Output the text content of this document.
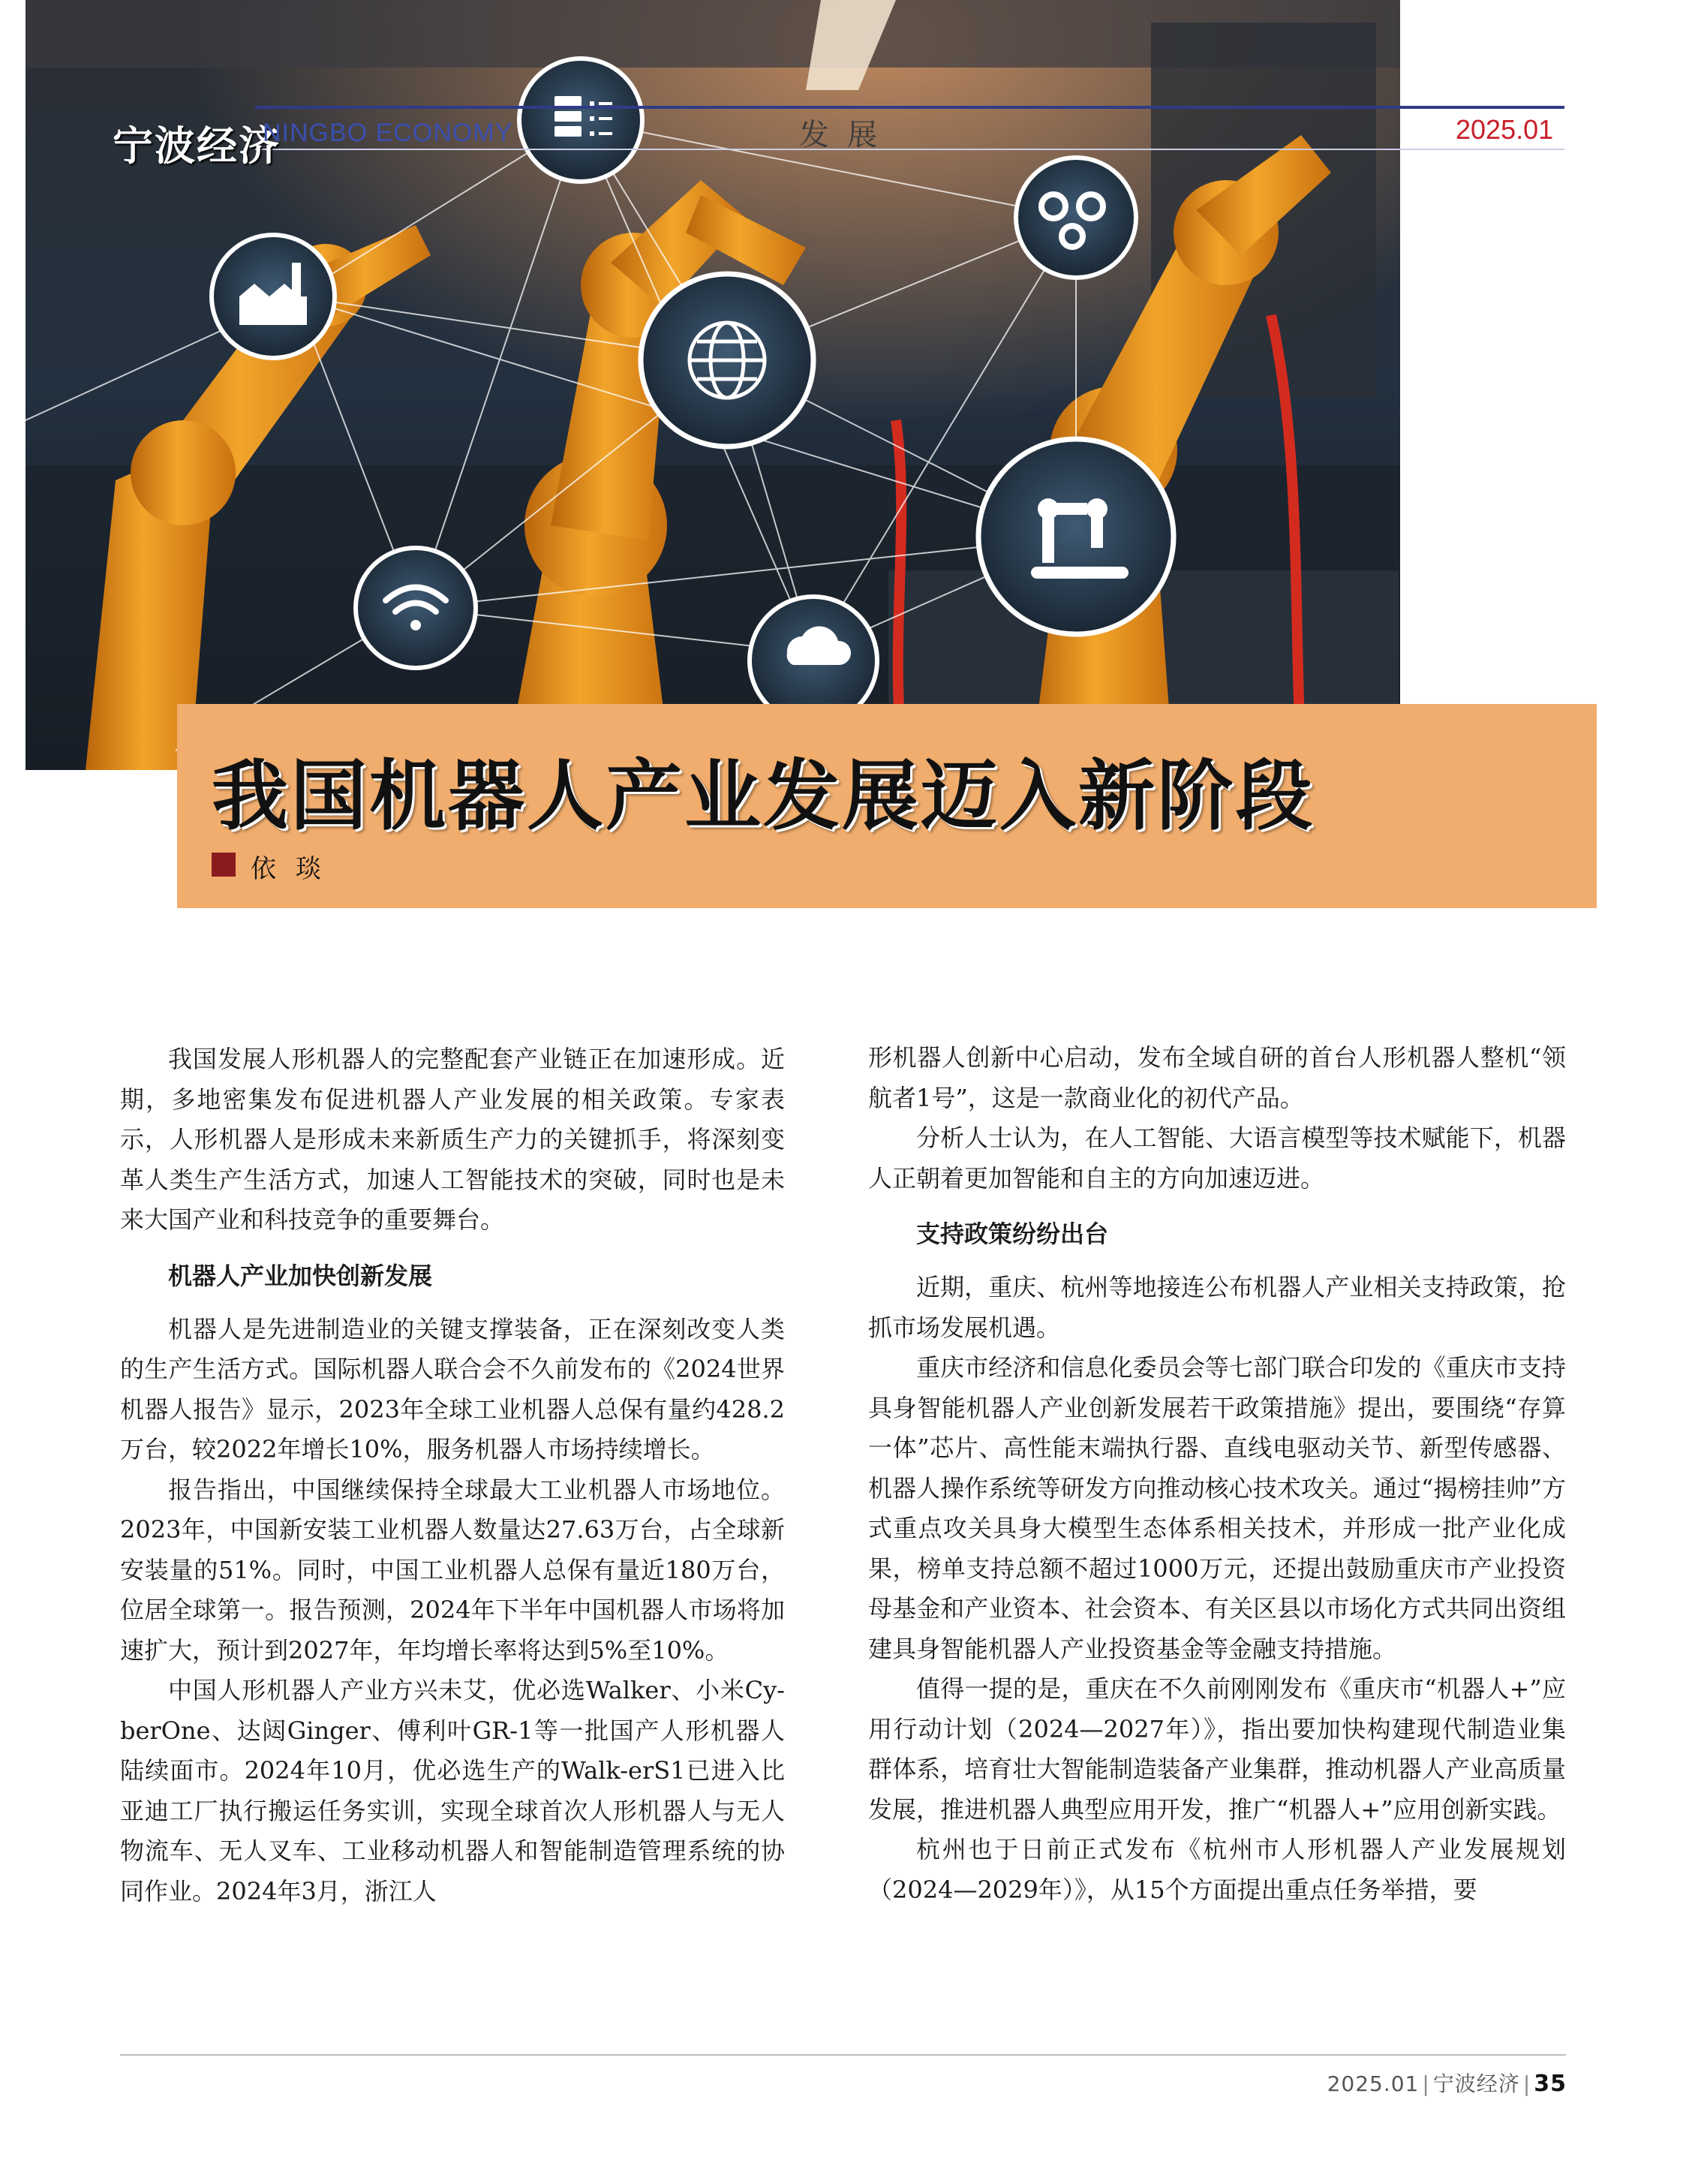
宁波经济
NINGBO ECONOMY	发展	2025.01
我国机器人产业发展迈入新阶段
依琰

我国发展人形机器人的完整配套产业链正在加速形成。近期，多地密集发布促进机器人产业发展的相关政策。专家表示，人形机器人是形成未来新质生产力的关键抓手，将深刻变革人类生产生活方式，加速人工智能技术的突破，同时也是未来大国产业和科技竞争的重要舞台。

机器人产业加快创新发展

机器人是先进制造业的关键支撑装备，正在深刻改变人类的生产生活方式。国际机器人联合会不久前发布的《2024世界机器人报告》显示，2023年全球工业机器人总保有量约428.2万台，较2022年增长10%，服务机器人市场持续增长。

报告指出，中国继续保持全球最大工业机器人市场地位。2023年，中国新安装工业机器人数量达27.63万台，占全球新安装量的51%。同时，中国工业机器人总保有量近180万台，位居全球第一。报告预测，2024年下半年中国机器人市场将加速扩大，预计到2027年，年均增长率将达到5%至10%。

中国人形机器人产业方兴未艾，优必选Walker、小米Cy-berOne、达闼Ginger、傅利叶GR-1等一批国产人形机器人陆续面市。2024年10月，优必选生产的Walk-erS1已进入比亚迪工厂执行搬运任务实训，实现全球首次人形机器人与无人物流车、无人叉车、工业移动机器人和智能制造管理系统的协同作业。2024年3月，浙江人

形机器人创新中心启动，发布全域自研的首台人形机器人整机“领航者1号”，这是一款商业化的初代产品。

分析人士认为，在人工智能、大语言模型等技术赋能下，机器人正朝着更加智能和自主的方向加速迈进。

支持政策纷纷出台

近期，重庆、杭州等地接连公布机器人产业相关支持政策，抢抓市场发展机遇。

重庆市经济和信息化委员会等七部门联合印发的《重庆市支持具身智能机器人产业创新发展若干政策措施》提出，要围绕“存算一体”芯片、高性能末端执行器、直线电驱动关节、新型传感器、机器人操作系统等研发方向推动核心技术攻关。通过“揭榜挂帅”方式重点攻关具身大模型生态体系相关技术，并形成一批产业化成果，榜单支持总额不超过1000万元，还提出鼓励重庆市产业投资母基金和产业资本、社会资本、有关区县以市场化方式共同出资组建具身智能机器人产业投资基金等金融支持措施。

值得一提的是，重庆在不久前刚刚发布《重庆市“机器人+”应用行动计划（2024—2027年）》，指出要加快构建现代制造业集群体系，培育壮大智能制造装备产业集群，推动机器人产业高质量发展，推进机器人典型应用开发，推广“机器人+”应用创新实践。

杭州也于日前正式发布《杭州市人形机器人产业发展规划（2024—2029年）》，从15个方面提出重点任务举措，要

2025.01 | 宁波经济 | 35
